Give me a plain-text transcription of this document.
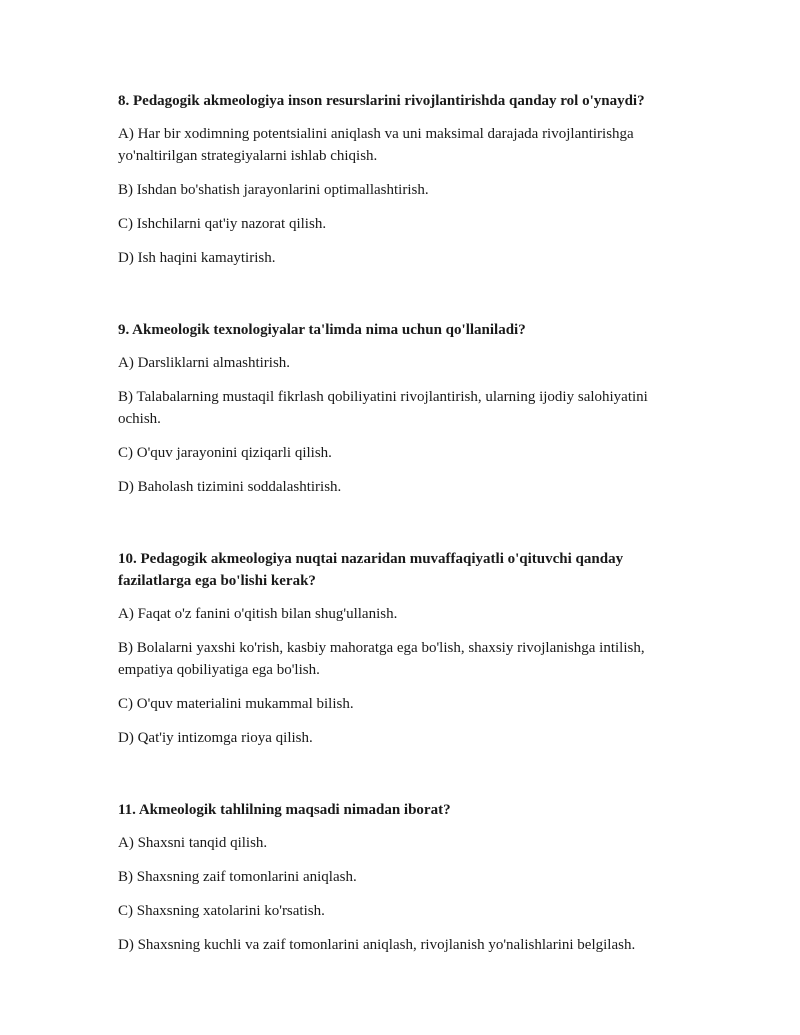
8. Pedagogik akmeologiya inson resurslarini rivojlantirishda qanday rol o'ynaydi?

A) Har bir xodimning potentsialini aniqlash va uni maksimal darajada rivojlantirishga yo'naltirilgan strategiyalarni ishlab chiqish.

B) Ishdan bo'shatish jarayonlarini optimallashtirish.

C) Ishchilarni qat'iy nazorat qilish.

D) Ish haqini kamaytirish.

9. Akmeologik texnologiyalar ta'limda nima uchun qo'llaniladi?

A) Darsliklarni almashtirish.

B) Talabalarning mustaqil fikrlash qobiliyatini rivojlantirish, ularning ijodiy salohiyatini ochish.

C) O'quv jarayonini qiziqarli qilish.

D) Baholash tizimini soddalashtirish.

10. Pedagogik akmeologiya nuqtai nazaridan muvaffaqiyatli o'qituvchi qanday fazilatlarga ega bo'lishi kerak?

A) Faqat o'z fanini o'qitish bilan shug'ullanish.

B) Bolalarni yaxshi ko'rish, kasbiy mahoratga ega bo'lish, shaxsiy rivojlanishga intilish, empatiya qobiliyatiga ega bo'lish.

C) O'quv materialini mukammal bilish.

D) Qat'iy intizomga rioya qilish.

11. Akmeologik tahlilning maqsadi nimadan iborat?

A) Shaxsni tanqid qilish.

B) Shaxsning zaif tomonlarini aniqlash.

C) Shaxsning xatolarini ko'rsatish.

D) Shaxsning kuchli va zaif tomonlarini aniqlash, rivojlanish yo'nalishlarini belgilash.
